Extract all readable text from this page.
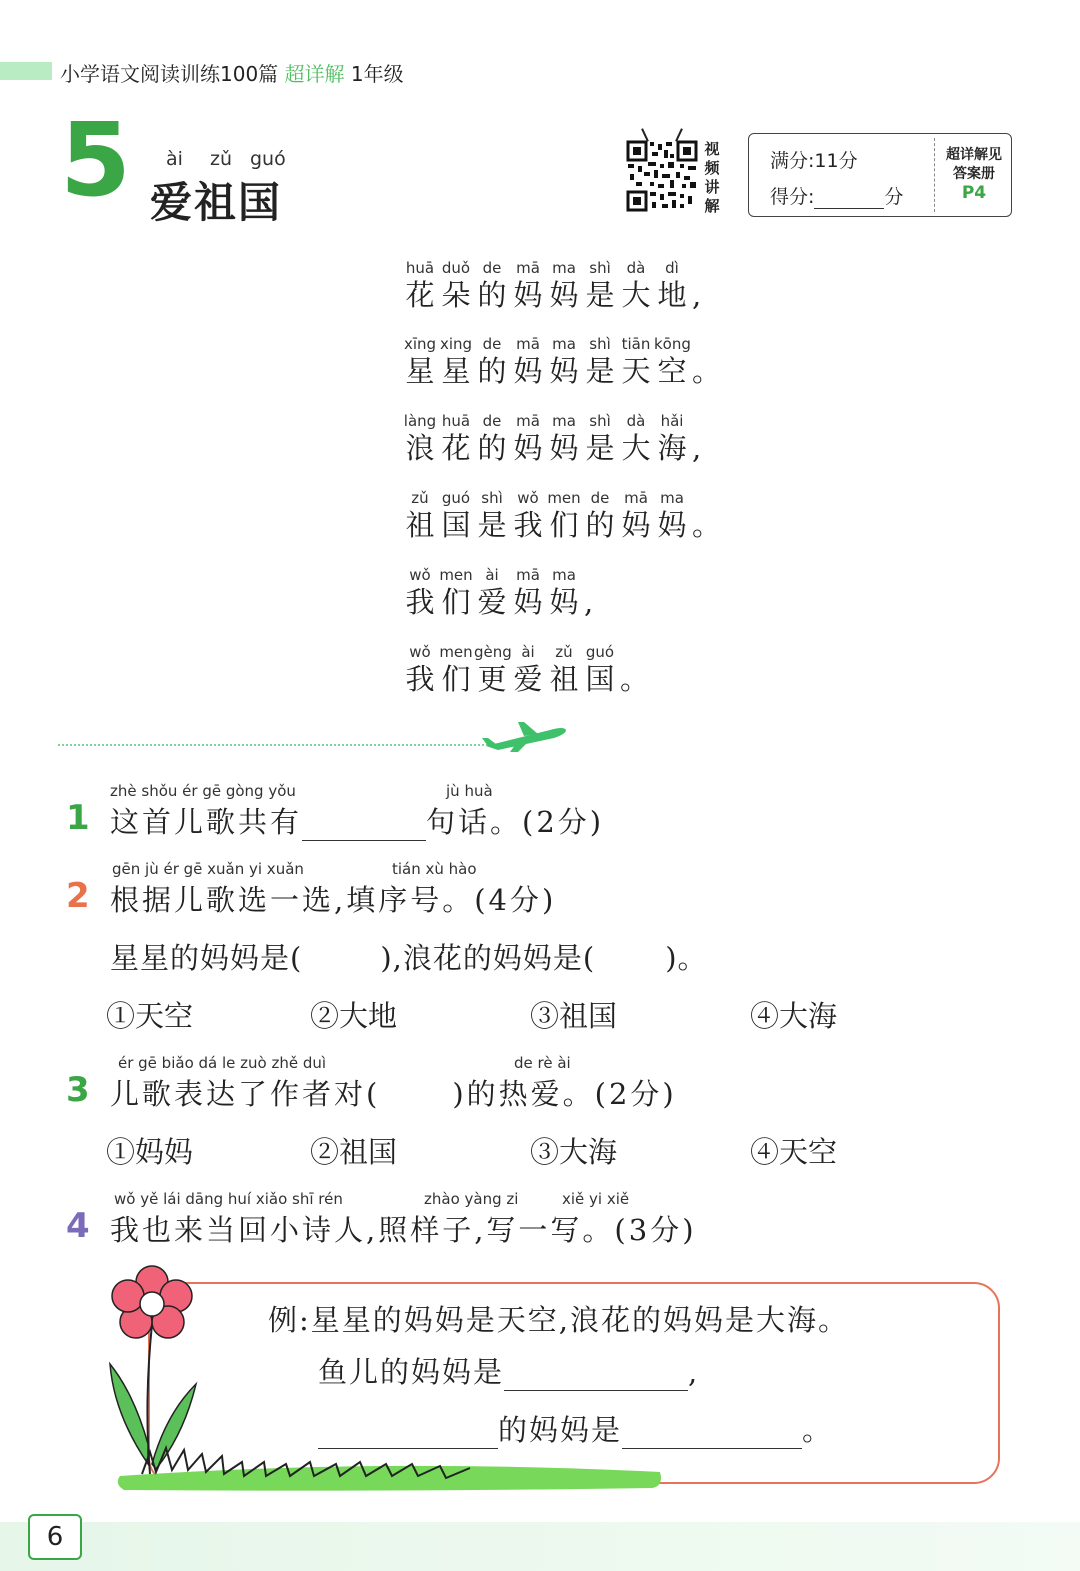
小学语文阅读训练100篇 超详解 1年级
5 ài zǔ guó
爱祖国
视
频
讲
解
满分:11分
得分:	分
超详解见
答案册
P4
huā
花
duǒ
朵
de
的
mā
妈
ma
妈
shì
是
dà
大
dì
地 ,
xīng
星
xing
星
de
的
mā
妈
ma
妈
shì
是
tiān
天
kōng
空 。
làng
浪
huā
花
de
的
mā
妈
ma
妈
shì
是
dà
大
hǎi
海 ,
zǔ
祖
guó
国
shì
是
wǒ
我
men
们
de
的
mā
妈
ma
妈 。
wǒ
我
men
们
ài
爱
mā
妈
ma
妈 ,
wǒ
我
men
们
gèng
更
ài
爱
zǔ
祖
guó
国 。
1
zhè shǒu ér gē gòng yǒu	jù huà
这首儿歌共有	句话。(2分)
2
gēn jù ér gē xuǎn yi xuǎn	tián xù hào
根据儿歌选一选,填序号。(4分)
星星的妈妈是(	),浪花的妈妈是( )。
①天空	②大地	③祖国	④大海
3
ér gē biǎo dá le zuò zhě duì	de rè ài
儿歌表达了作者对( )的热爱。(2分)
①妈妈	②祖国	③大海	④天空
4
wǒ yě lái dāng huí xiǎo shī rén	zhào yàng zi	xiě yi xiě
我也来当回小诗人,照样子,写一写。(3分)
例:星星的妈妈是天空,浪花的妈妈是大海。
鱼儿的妈妈是	,
的妈妈是	。
6
